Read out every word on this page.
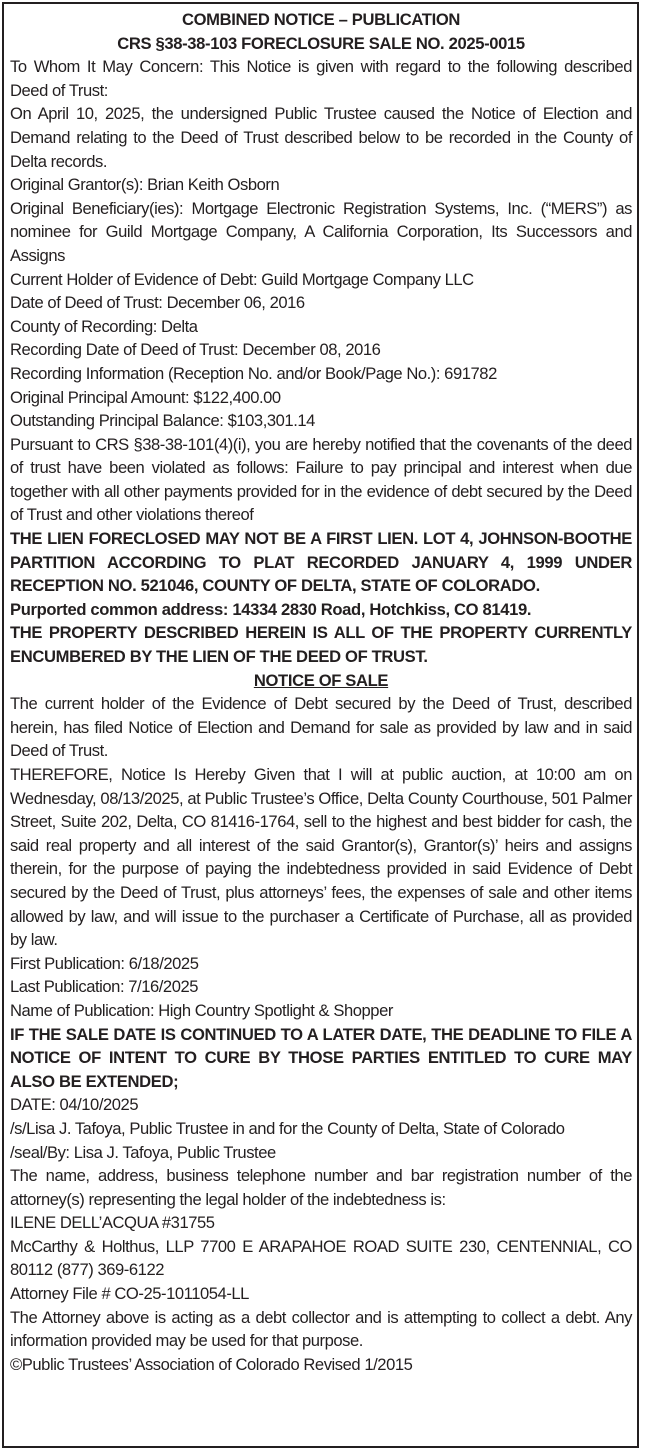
COMBINED NOTICE – PUBLICATION
CRS §38-38-103 FORECLOSURE SALE NO. 2025-0015
To Whom It May Concern: This Notice is given with regard to the following described Deed of Trust:
On April 10, 2025, the undersigned Public Trustee caused the Notice of Election and Demand relating to the Deed of Trust described below to be recorded in the County of Delta records.
Original Grantor(s): Brian Keith Osborn
Original Beneficiary(ies): Mortgage Electronic Registration Systems, Inc. (“MERS”) as nominee for Guild Mortgage Company, A California Corporation, Its Successors and Assigns
Current Holder of Evidence of Debt: Guild Mortgage Company LLC
Date of Deed of Trust: December 06, 2016
County of Recording: Delta
Recording Date of Deed of Trust: December 08, 2016
Recording Information (Reception No. and/or Book/Page No.): 691782
Original Principal Amount: $122,400.00
Outstanding Principal Balance: $103,301.14
Pursuant to CRS §38-38-101(4)(i), you are hereby notified that the covenants of the deed of trust have been violated as follows: Failure to pay principal and interest when due together with all other payments provided for in the evidence of debt secured by the Deed of Trust and other violations thereof
THE LIEN FORECLOSED MAY NOT BE A FIRST LIEN. LOT 4, JOHNSON-BOOTHE PARTITION ACCORDING TO PLAT RECORDED JANUARY 4, 1999 UNDER RECEPTION NO. 521046, COUNTY OF DELTA, STATE OF COLORADO.
Purported common address: 14334 2830 Road, Hotchkiss, CO 81419.
THE PROPERTY DESCRIBED HEREIN IS ALL OF THE PROPERTY CURRENTLY ENCUMBERED BY THE LIEN OF THE DEED OF TRUST.
NOTICE OF SALE
The current holder of the Evidence of Debt secured by the Deed of Trust, described herein, has filed Notice of Election and Demand for sale as provided by law and in said Deed of Trust.
THEREFORE, Notice Is Hereby Given that I will at public auction, at 10:00 am on Wednesday, 08/13/2025, at Public Trustee’s Office, Delta County Courthouse, 501 Palmer Street, Suite 202, Delta, CO 81416-1764, sell to the highest and best bidder for cash, the said real property and all interest of the said Grantor(s), Grantor(s)’ heirs and assigns therein, for the purpose of paying the indebtedness provided in said Evidence of Debt secured by the Deed of Trust, plus attorneys’ fees, the expenses of sale and other items allowed by law, and will issue to the purchaser a Certificate of Purchase, all as provided by law.
First Publication: 6/18/2025
Last Publication: 7/16/2025
Name of Publication: High Country Spotlight & Shopper
IF THE SALE DATE IS CONTINUED TO A LATER DATE, THE DEADLINE TO FILE A NOTICE OF INTENT TO CURE BY THOSE PARTIES ENTITLED TO CURE MAY ALSO BE EXTENDED;
DATE: 04/10/2025
/s/Lisa J. Tafoya, Public Trustee in and for the County of Delta, State of Colorado
/seal/By: Lisa J. Tafoya, Public Trustee
The name, address, business telephone number and bar registration number of the attorney(s) representing the legal holder of the indebtedness is:
ILENE DELL’ACQUA #31755
McCarthy & Holthus, LLP 7700 E ARAPAHOE ROAD SUITE 230, CENTENNIAL, CO 80112 (877) 369-6122
Attorney File # CO-25-1011054-LL
The Attorney above is acting as a debt collector and is attempting to collect a debt. Any information provided may be used for that purpose.
©Public Trustees’ Association of Colorado Revised 1/2015
